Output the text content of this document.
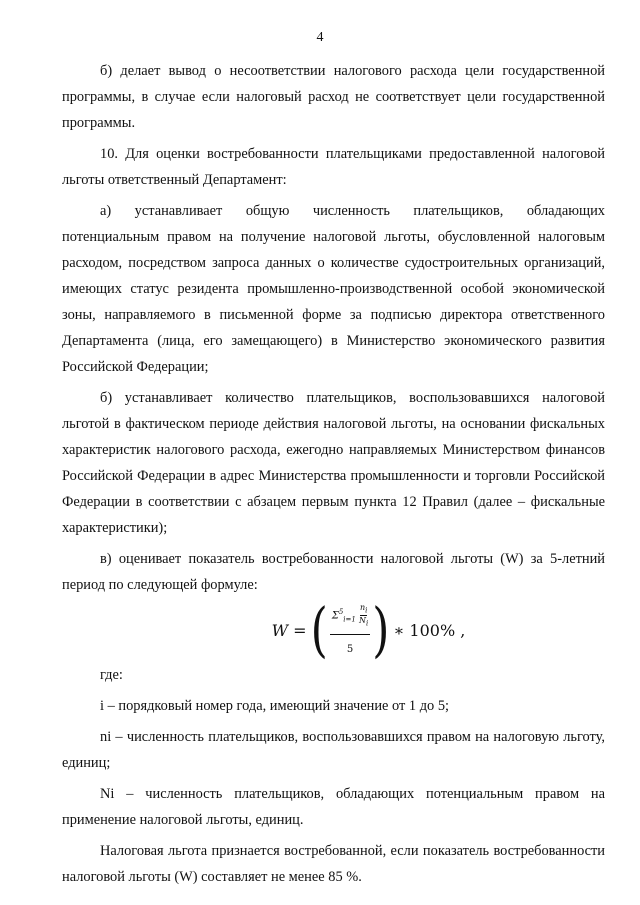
4

б) делает вывод о несоответствии налогового расхода цели государственной программы, в случае если налоговый расход не соответствует цели государственной программы.

10. Для оценки востребованности плательщиками предоставленной налоговой льготы ответственный Департамент:

а) устанавливает общую численность плательщиков, обладающих потенциальным правом на получение налоговой льготы, обусловленной налоговым расходом, посредством запроса данных о количестве судостроительных организаций, имеющих статус резидента промышленно-производственной особой экономической зоны, направляемого в письменной форме за подписью директора ответственного Департамента (лица, его замещающего) в Министерство экономического развития Российской Федерации;

б) устанавливает количество плательщиков, воспользовавшихся налоговой льготой в фактическом периоде действия налоговой льготы, на основании фискальных характеристик налогового расхода, ежегодно направляемых Министерством финансов Российской Федерации в адрес Министерства промышленности и торговли Российской Федерации в соответствии с абзацем первым пункта 12 Правил (далее – фискальные характеристики);

в) оценивает показатель востребованности налоговой льготы (W) за 5-летний период по следующей формуле:

W = ( $\frac{\Sigma^5_{i=1} \frac{ni}{Ni}}{5}$ ) ∗ 100% ,

где:

i – порядковый номер года, имеющий значение от 1 до 5;

ni – численность плательщиков, воспользовавшихся правом на налоговую льготу, единиц;

Ni – численность плательщиков, обладающих потенциальным правом на применение налоговой льготы, единиц.

Налоговая льгота признается востребованной, если показатель востребованности налоговой льготы (W) составляет не менее 85 %.
